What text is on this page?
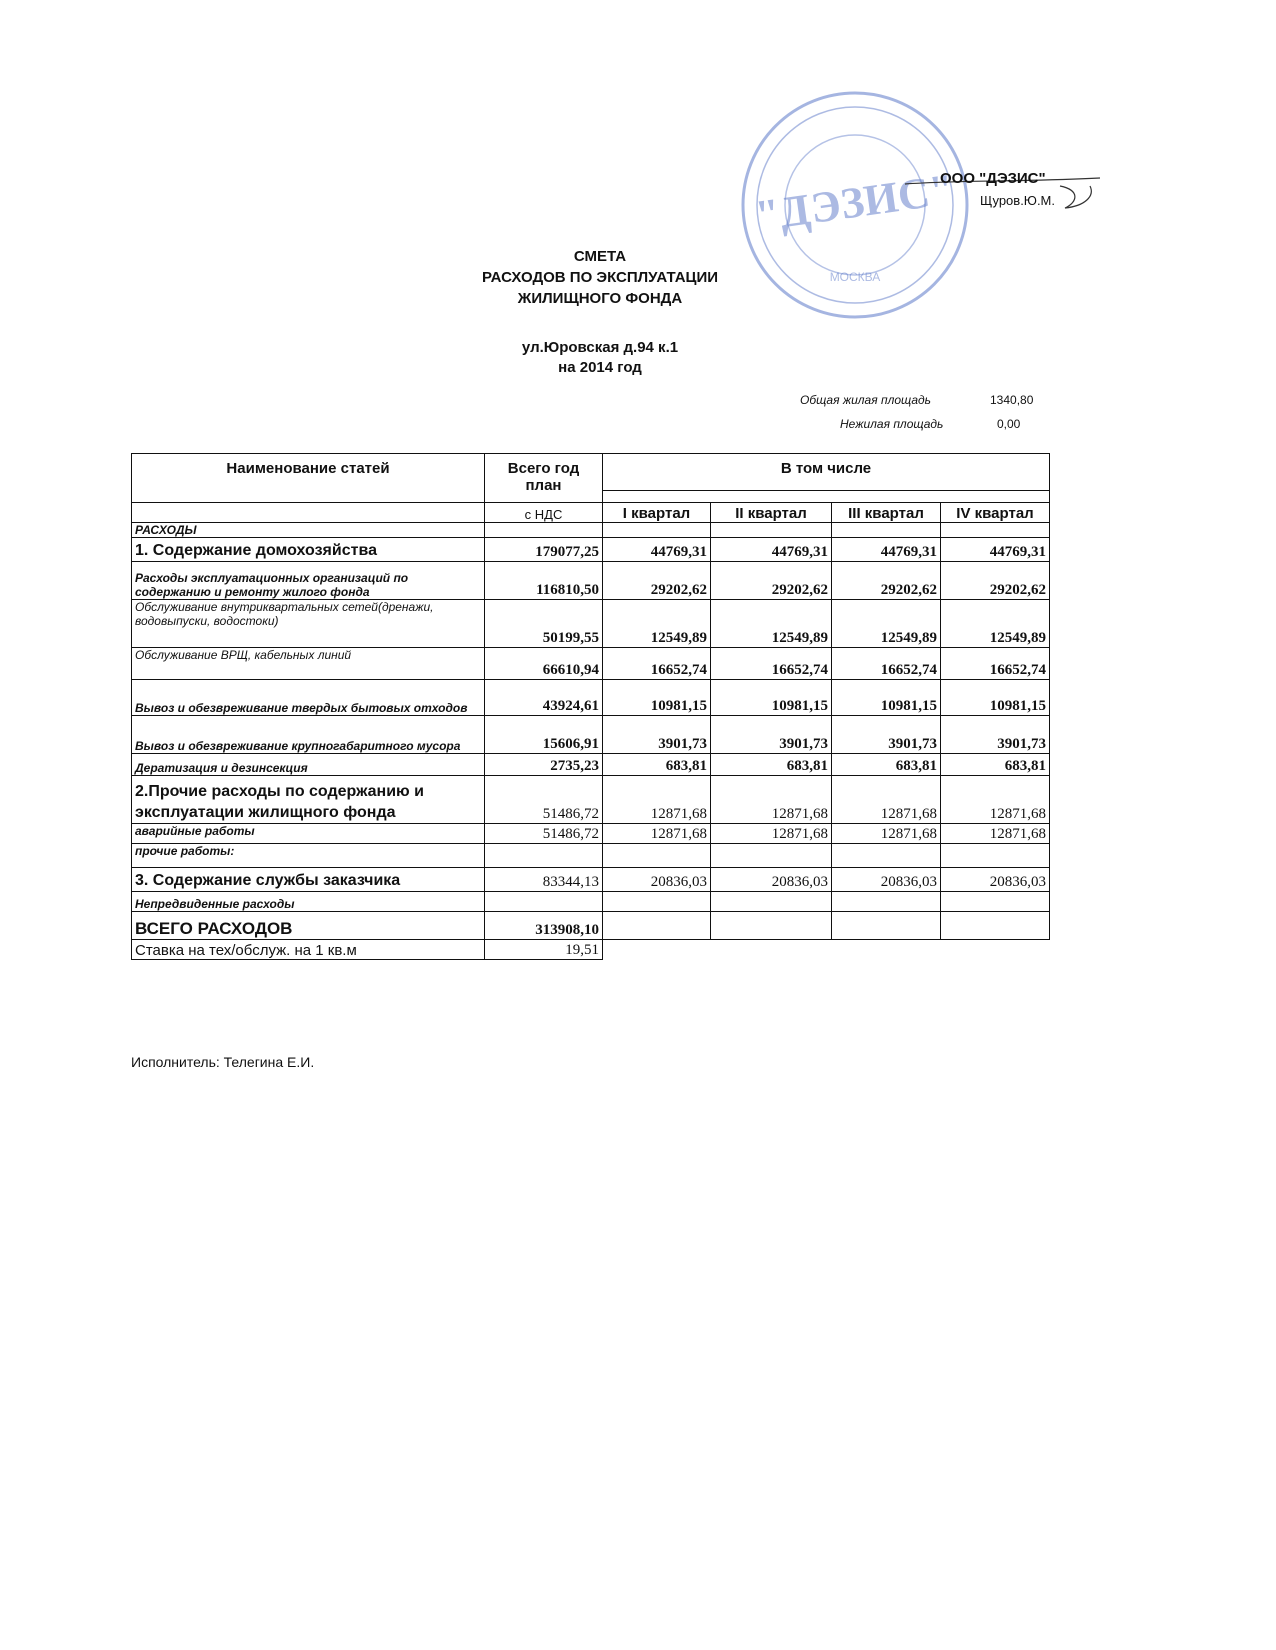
"ДЭЗИС"
МОСКВА
ООО "ДЭЗИС"
Щуров.Ю.М.
СМЕТА
РАСХОДОВ ПО ЭКСПЛУАТАЦИИ
ЖИЛИЩНОГО ФОНДА
ул.Юровская д.94 к.1
на 2014 год
Общая жилая площадь	1340,80
Нежилая площадь	0,00
Наименование статей	Всего год план	В том числе			

	с НДС	I квартал	II квартал	III квартал	IV квартал
РАСХОДЫ					
1. Содержание домохозяйства	179077,25	44769,31	44769,31	44769,31	44769,31
Расходы эксплуатационных организаций по содержанию и ремонту жилого фонда	116810,50	29202,62	29202,62	29202,62	29202,62
Обслуживание внутриквартальных сетей(дренажи, водовыпуски, водостоки)	50199,55	12549,89	12549,89	12549,89	12549,89
Обслуживание ВРЩ, кабельных линий	66610,94	16652,74	16652,74	16652,74	16652,74
Вывоз и обезвреживание твердых бытовых отходов	43924,61	10981,15	10981,15	10981,15	10981,15
Вывоз и обезвреживание крупногабаритного мусора	15606,91	3901,73	3901,73	3901,73	3901,73
Дератизация и дезинсекция	2735,23	683,81	683,81	683,81	683,81
2.Прочие расходы по содержанию и эксплуатации жилищного фонда	51486,72	12871,68	12871,68	12871,68	12871,68
аварийные работы	51486,72	12871,68	12871,68	12871,68	12871,68
прочие работы:					
3. Содержание службы заказчика	83344,13	20836,03	20836,03	20836,03	20836,03
Непредвиденные расходы					
ВСЕГО РАСХОДОВ	313908,10				
Ставка на тех/обслуж. на 1 кв.м	19,51				
Исполнитель: Телегина Е.И.
